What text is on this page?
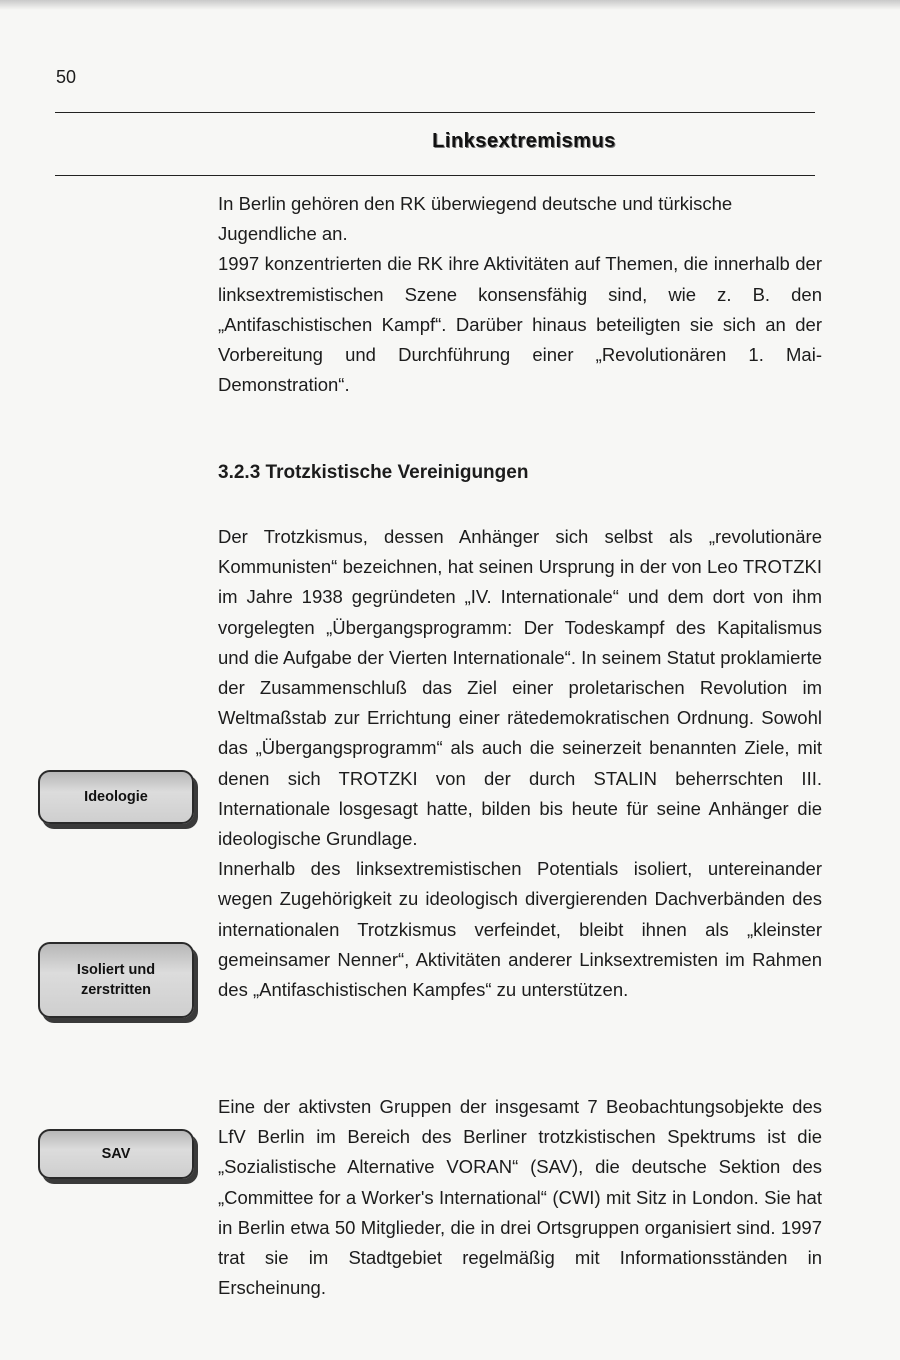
50
Linksextremismus

In Berlin gehören den RK überwiegend deutsche und türkische Jugendliche an.

1997 konzentrierten die RK ihre Aktivitäten auf Themen, die innerhalb der linksextremistischen Szene konsensfähig sind, wie z. B. den „Antifaschistischen Kampf“. Darüber hinaus beteiligten sie sich an der Vorbereitung und Durchführung einer „Revolutionären 1. Mai-Demonstration“.

3.2.3 Trotzkistische Vereinigungen

Der Trotzkismus, dessen Anhänger sich selbst als „revolutionäre Kommunisten“ bezeichnen, hat seinen Ursprung in der von Leo TROTZKI im Jahre 1938 gegründeten „IV. Internationale“ und dem dort von ihm vorgelegten „Übergangsprogramm: Der Todeskampf des Kapitalismus und die Aufgabe der Vierten Internationale“. In seinem Statut proklamierte der Zusammenschluß das Ziel einer proletarischen Revolution im Weltmaßstab zur Errichtung einer rätedemokratischen Ordnung. Sowohl das „Übergangsprogramm“ als auch die seinerzeit benannten Ziele, mit denen sich TROTZKI von der durch STALIN beherrschten III. Internationale losgesagt hatte, bilden bis heute für seine Anhänger die ideologische Grundlage.

Innerhalb des linksextremistischen Potentials isoliert, untereinander wegen Zugehörigkeit zu ideologisch divergierenden Dachverbänden des internationalen Trotzkismus verfeindet, bleibt ihnen als „kleinster gemeinsamer Nenner“, Aktivitäten anderer Linksextremisten im Rahmen des „Antifaschistischen Kampfes“ zu unterstützen.

Eine der aktivsten Gruppen der insgesamt 7 Beobachtungsobjekte des LfV Berlin im Bereich des Berliner trotzkistischen Spektrums ist die „Sozialistische Alternative VORAN“ (SAV), die deutsche Sektion des „Committee for a Worker's International“ (CWI) mit Sitz in London. Sie hat in Berlin etwa 50 Mitglieder, die in drei Ortsgruppen organisiert sind. 1997 trat sie im Stadtgebiet regelmäßig mit Informationsständen in Erscheinung.

Ideologie
Isoliert und
zerstritten
SAV
